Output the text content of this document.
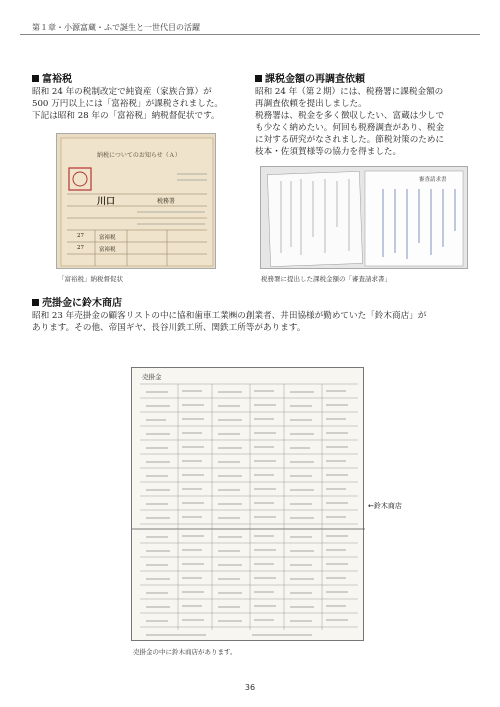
第１章・小源富蔵・ふで誕生と一世代目の活躍
富裕税
昭和 24 年の税制改定で純資産（家族合算）が
500 万円以上には「富裕税」が課税されました。
下記は昭和 28 年の「富裕税」納税督促状です。
納税についてのお知らせ（Ａ）
川口	税務署
27	富裕税
27	富裕税
「富裕税」納税督促状
課税金額の再調査依頼
昭和 24 年（第２期）には、税務署に課税金額の
再調査依頼を提出しました。
税務署は、税金を多く徴収したい、富蔵は少しで
も少なく納めたい。何回も税務調査があり、税金
に対する研究がなされました。節税対策のために
枝本・佐須賀様等の協力を得ました。
審査請求書
税務署に提出した課税金額の「審査請求書」
売掛金に鈴木商店
昭和 23 年売掛金の顧客リストの中に協和歯車工業㈱の創業者、井田協様が勤めていた「鈴木商店」が
あります。その他、帝国ギヤ、長谷川鉄工所、関鉄工所等があります。
売掛金
←鈴木商店
売掛金の中に鈴木商店があります。
36
